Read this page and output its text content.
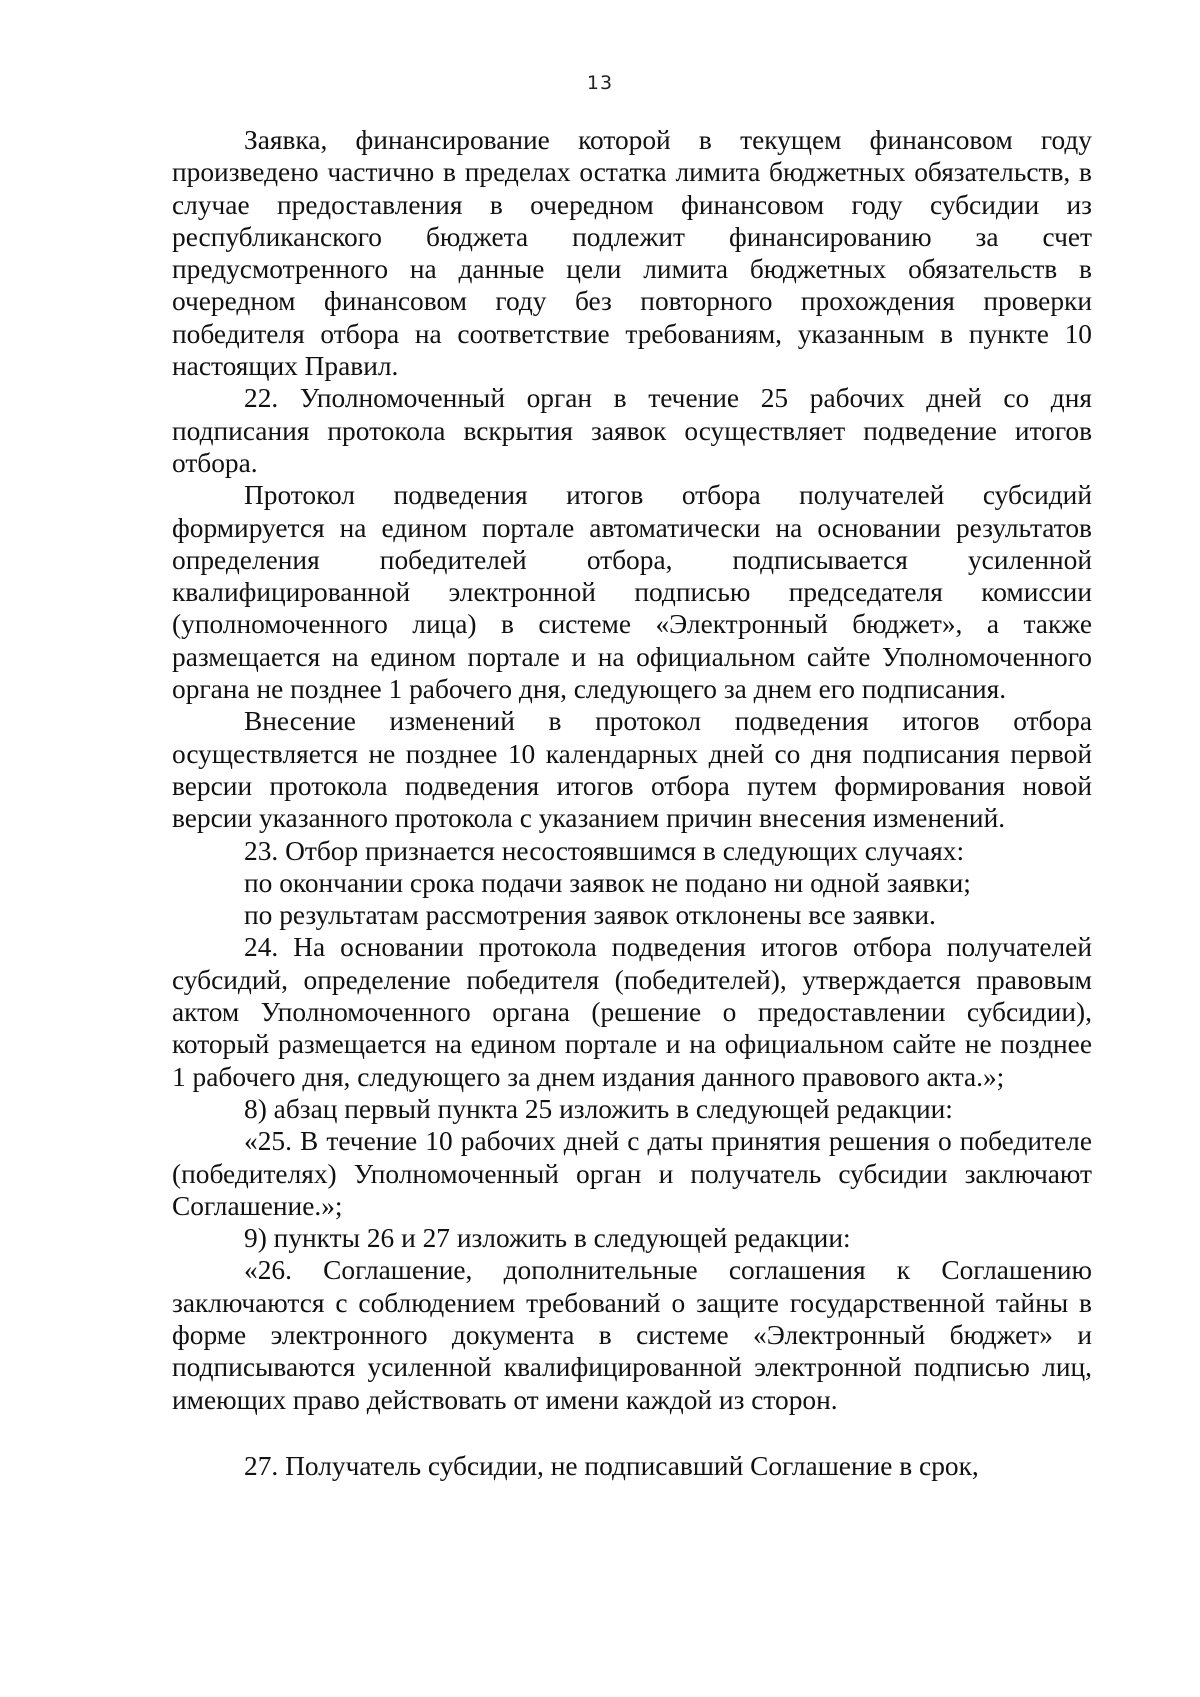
13

Заявка, финансирование которой в текущем финансовом году произведено частично в пределах остатка лимита бюджетных обязательств, в случае предоставления в очередном финансовом году субсидии из республиканского бюджета подлежит финансированию за счет предусмотренного на данные цели лимита бюджетных обязательств в очередном финансовом году без повторного прохождения проверки победителя отбора на соответствие требованиям, указанным в пункте 10 настоящих Правил.

22. Уполномоченный орган в течение 25 рабочих дней со дня подписания протокола вскрытия заявок осуществляет подведение итогов отбора.

Протокол подведения итогов отбора получателей субсидий формируется на едином портале автоматически на основании результатов определения победителей отбора, подписывается усиленной квалифицированной электронной подписью председателя комиссии (уполномоченного лица) в системе «Электронный бюджет», а также размещается на едином портале и на официальном сайте Уполномоченного органа не позднее 1 рабочего дня, следующего за днем его подписания.

Внесение изменений в протокол подведения итогов отбора осуществляется не позднее 10 календарных дней со дня подписания первой версии протокола подведения итогов отбора путем формирования новой версии указанного протокола с указанием причин внесения изменений.

23. Отбор признается несостоявшимся в следующих случаях:

по окончании срока подачи заявок не подано ни одной заявки;

по результатам рассмотрения заявок отклонены все заявки.

24. На основании протокола подведения итогов отбора получателей субсидий, определение победителя (победителей), утверждается правовым актом Уполномоченного органа (решение о предоставлении субсидии), который размещается на едином портале и на официальном сайте не позднее 1 рабочего дня, следующего за днем издания данного правового акта.»;

8) абзац первый пункта 25 изложить в следующей редакции:

«25. В течение 10 рабочих дней с даты принятия решения о победителе (победителях) Уполномоченный орган и получатель субсидии заключают Соглашение.»;

9) пункты 26 и 27 изложить в следующей редакции:

«26. Соглашение, дополнительные соглашения к Соглашению заключаются с соблюдением требований о защите государственной тайны в форме электронного документа в системе «Электронный бюджет» и подписываются усиленной квалифицированной электронной подписью лиц, имеющих право действовать от имени каждой из сторон.

27. Получатель субсидии, не подписавший Соглашение в срок,
